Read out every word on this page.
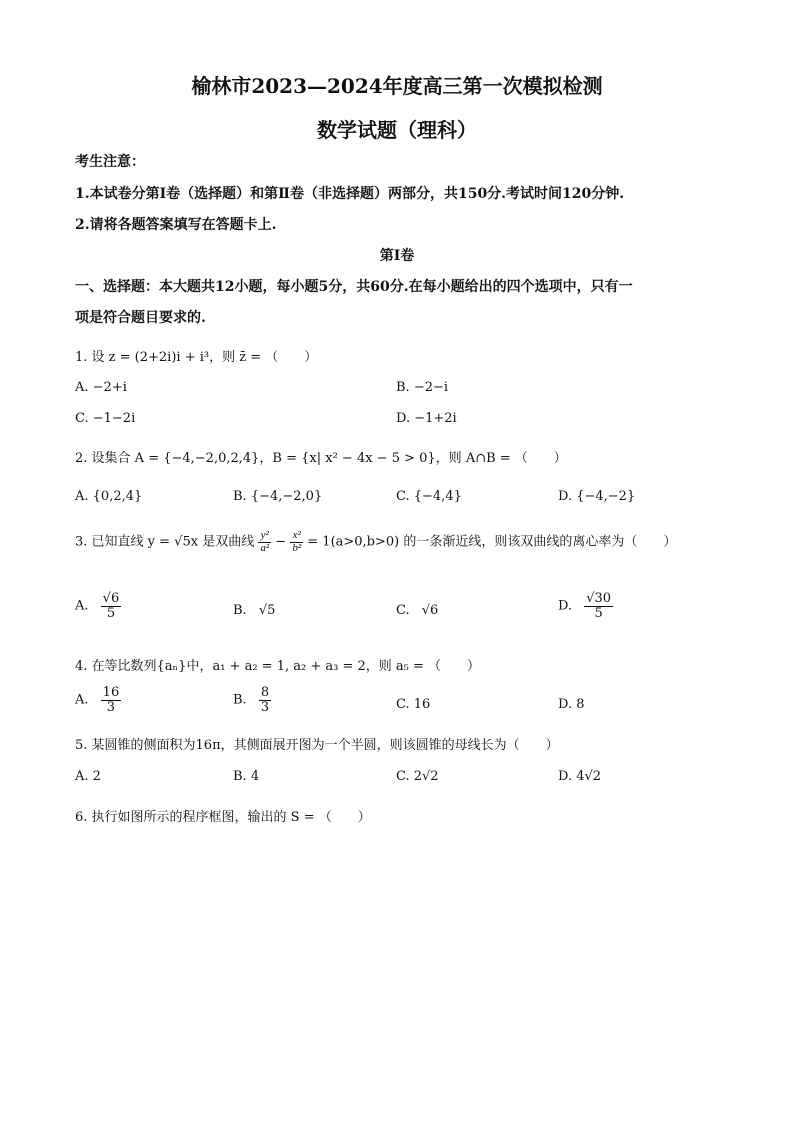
榆林市2023—2024年度高三第一次模拟检测
数学试题（理科）
考生注意：
1.本试卷分第Ⅰ卷（选择题）和第Ⅱ卷（非选择题）两部分，共150分.考试时间120分钟.
2.请将各题答案填写在答题卡上.
第Ⅰ卷
一、选择题：本大题共12小题，每小题5分，共60分.在每小题给出的四个选项中，只有一
项是符合题目要求的.
1. 设 z = (2+2i)i + i³，则 z̄ = （　　）
A. −2+i	B. −2−i
C. −1−2i	D. −1+2i
2. 设集合 A = {−4,−2,0,2,4}，B = {x| x² − 4x − 5 > 0}，则 A∩B = （　　）
A. {0,2,4}	B. {−4,−2,0}	C. {−4,4}	D. {−4,−2}
3. 已知直线 y = √5x 是双曲线 $\frac{\text{y²}}{\text{a²}} - \frac{\text{x²}}{\text{b²}} = 1(a>0,b>0)$ 的一条渐近线，则该双曲线的离心率为（　　）
A. $\frac{√6}{5}$	B. √5	C. √6	D. $\frac{√30}{5}$
4. 在等比数列{aₙ}中，a₁ + a₂ = 1, a₂ + a₃ = 2，则 a₅ = （　　）
A. $\frac{16}{3}$	B. $\frac{8}{3}$	C. 16	D. 8
5. 某圆锥的侧面积为16π，其侧面展开图为一个半圆，则该圆锥的母线长为（　　）
A. 2	B. 4	C. 2√2	D. 4√2
6. 执行如图所示的程序框图，输出的 S = （　　）
